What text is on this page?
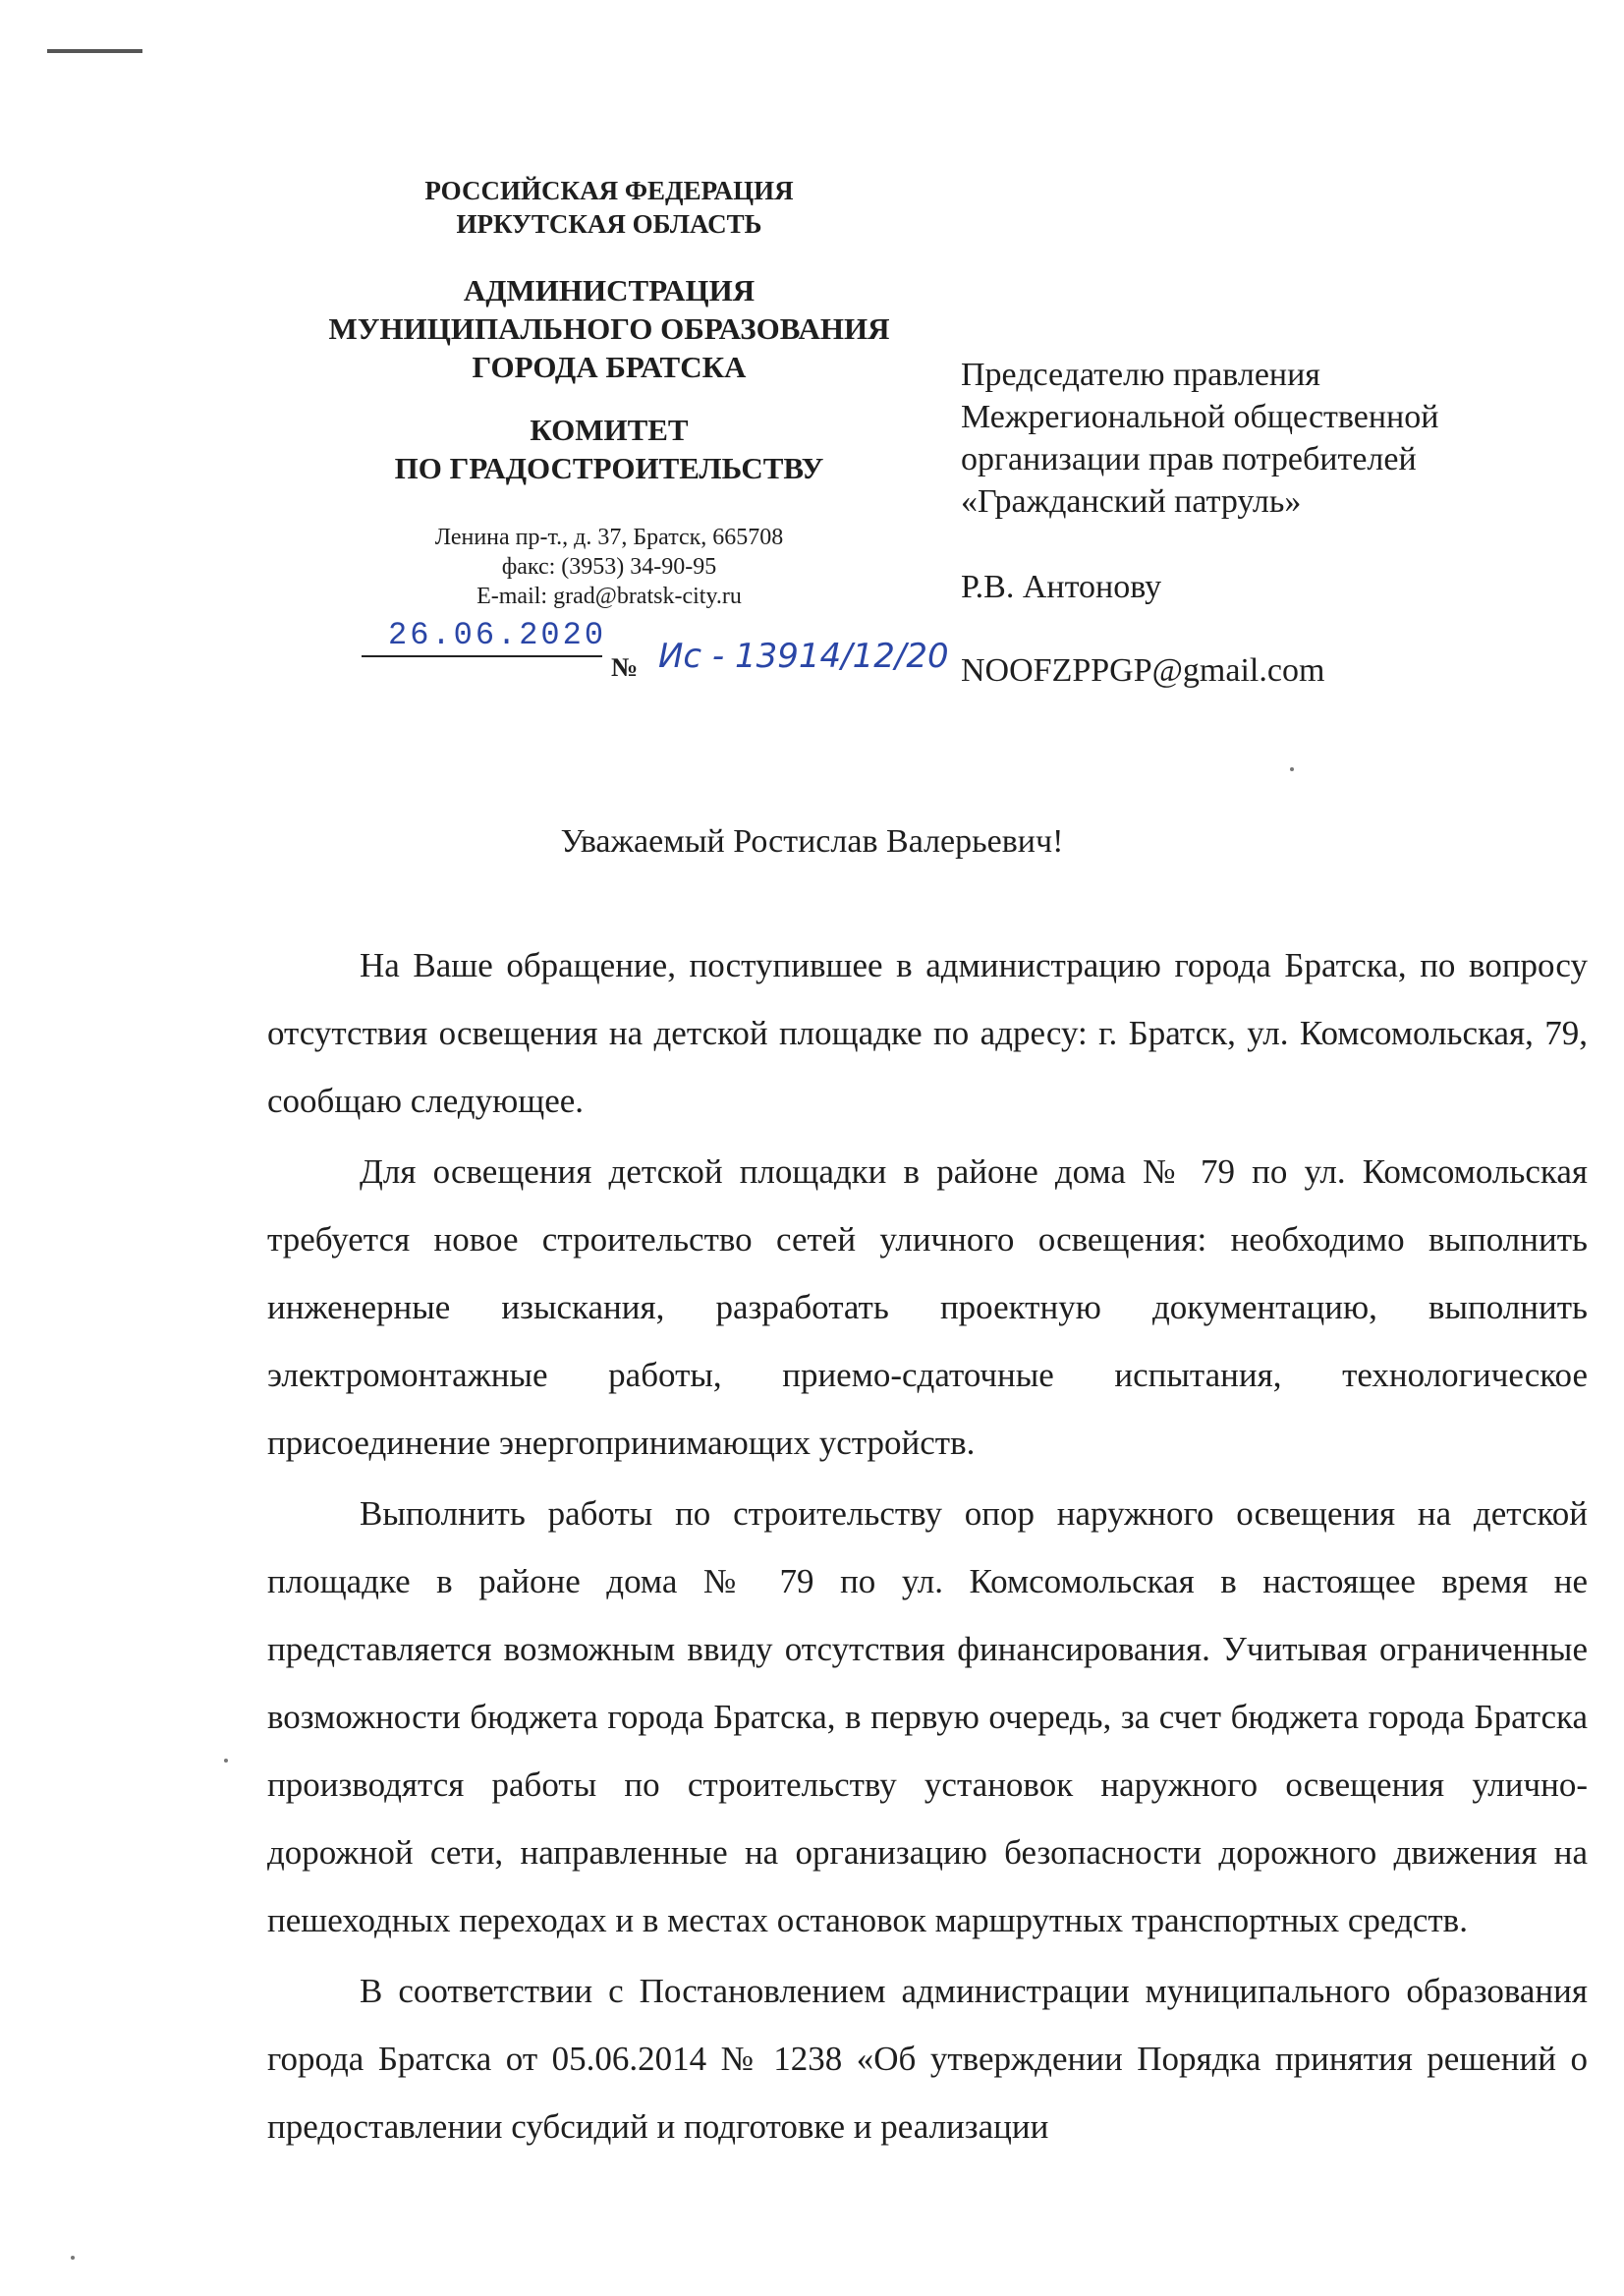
РОССИЙСКАЯ ФЕДЕРАЦИЯ
ИРКУТСКАЯ ОБЛАСТЬ
АДМИНИСТРАЦИЯ
МУНИЦИПАЛЬНОГО ОБРАЗОВАНИЯ
ГОРОДА БРАТСКА
КОМИТЕТ
ПО ГРАДОСТРОИТЕЛЬСТВУ
Ленина пр-т., д. 37, Братск, 665708
факс: (3953) 34-90-95
E-mail: grad@bratsk-city.ru
26.06.2020
№ Ис - 13914/12/20
Председателю правления
Межрегиональной общественной
организации прав потребителей
«Гражданский патруль»
Р.В. Антонову
NOOFZPPGP@gmail.com
Уважаемый Ростислав Валерьевич!

На Ваше обращение, поступившее в администрацию города Братска, по вопросу отсутствия освещения на детской площадке по адресу: г. Братск, ул. Комсомольская, 79, сообщаю следующее.

Для освещения детской площадки в районе дома № 79 по ул. Комсомольская требуется новое строительство сетей уличного освещения: необходимо выполнить инженерные изыскания, разработать проектную документацию, выполнить электромонтажные работы, приемо-сдаточные испытания, технологическое присоединение энергопринимающих устройств.

Выполнить работы по строительству опор наружного освещения на детской площадке в районе дома № 79 по ул. Комсомольская в настоящее время не представляется возможным ввиду отсутствия финансирования. Учитывая ограниченные возможности бюджета города Братска, в первую очередь, за счет бюджета города Братска производятся работы по строительству установок наружного освещения улично-дорожной сети, направленные на организацию безопасности дорожного движения на пешеходных переходах и в местах остановок маршрутных транспортных средств.

В соответствии с Постановлением администрации муниципального образования города Братска от 05.06.2014 № 1238 «Об утверждении Порядка принятия решений о предоставлении субсидий и подготовке и реализации
